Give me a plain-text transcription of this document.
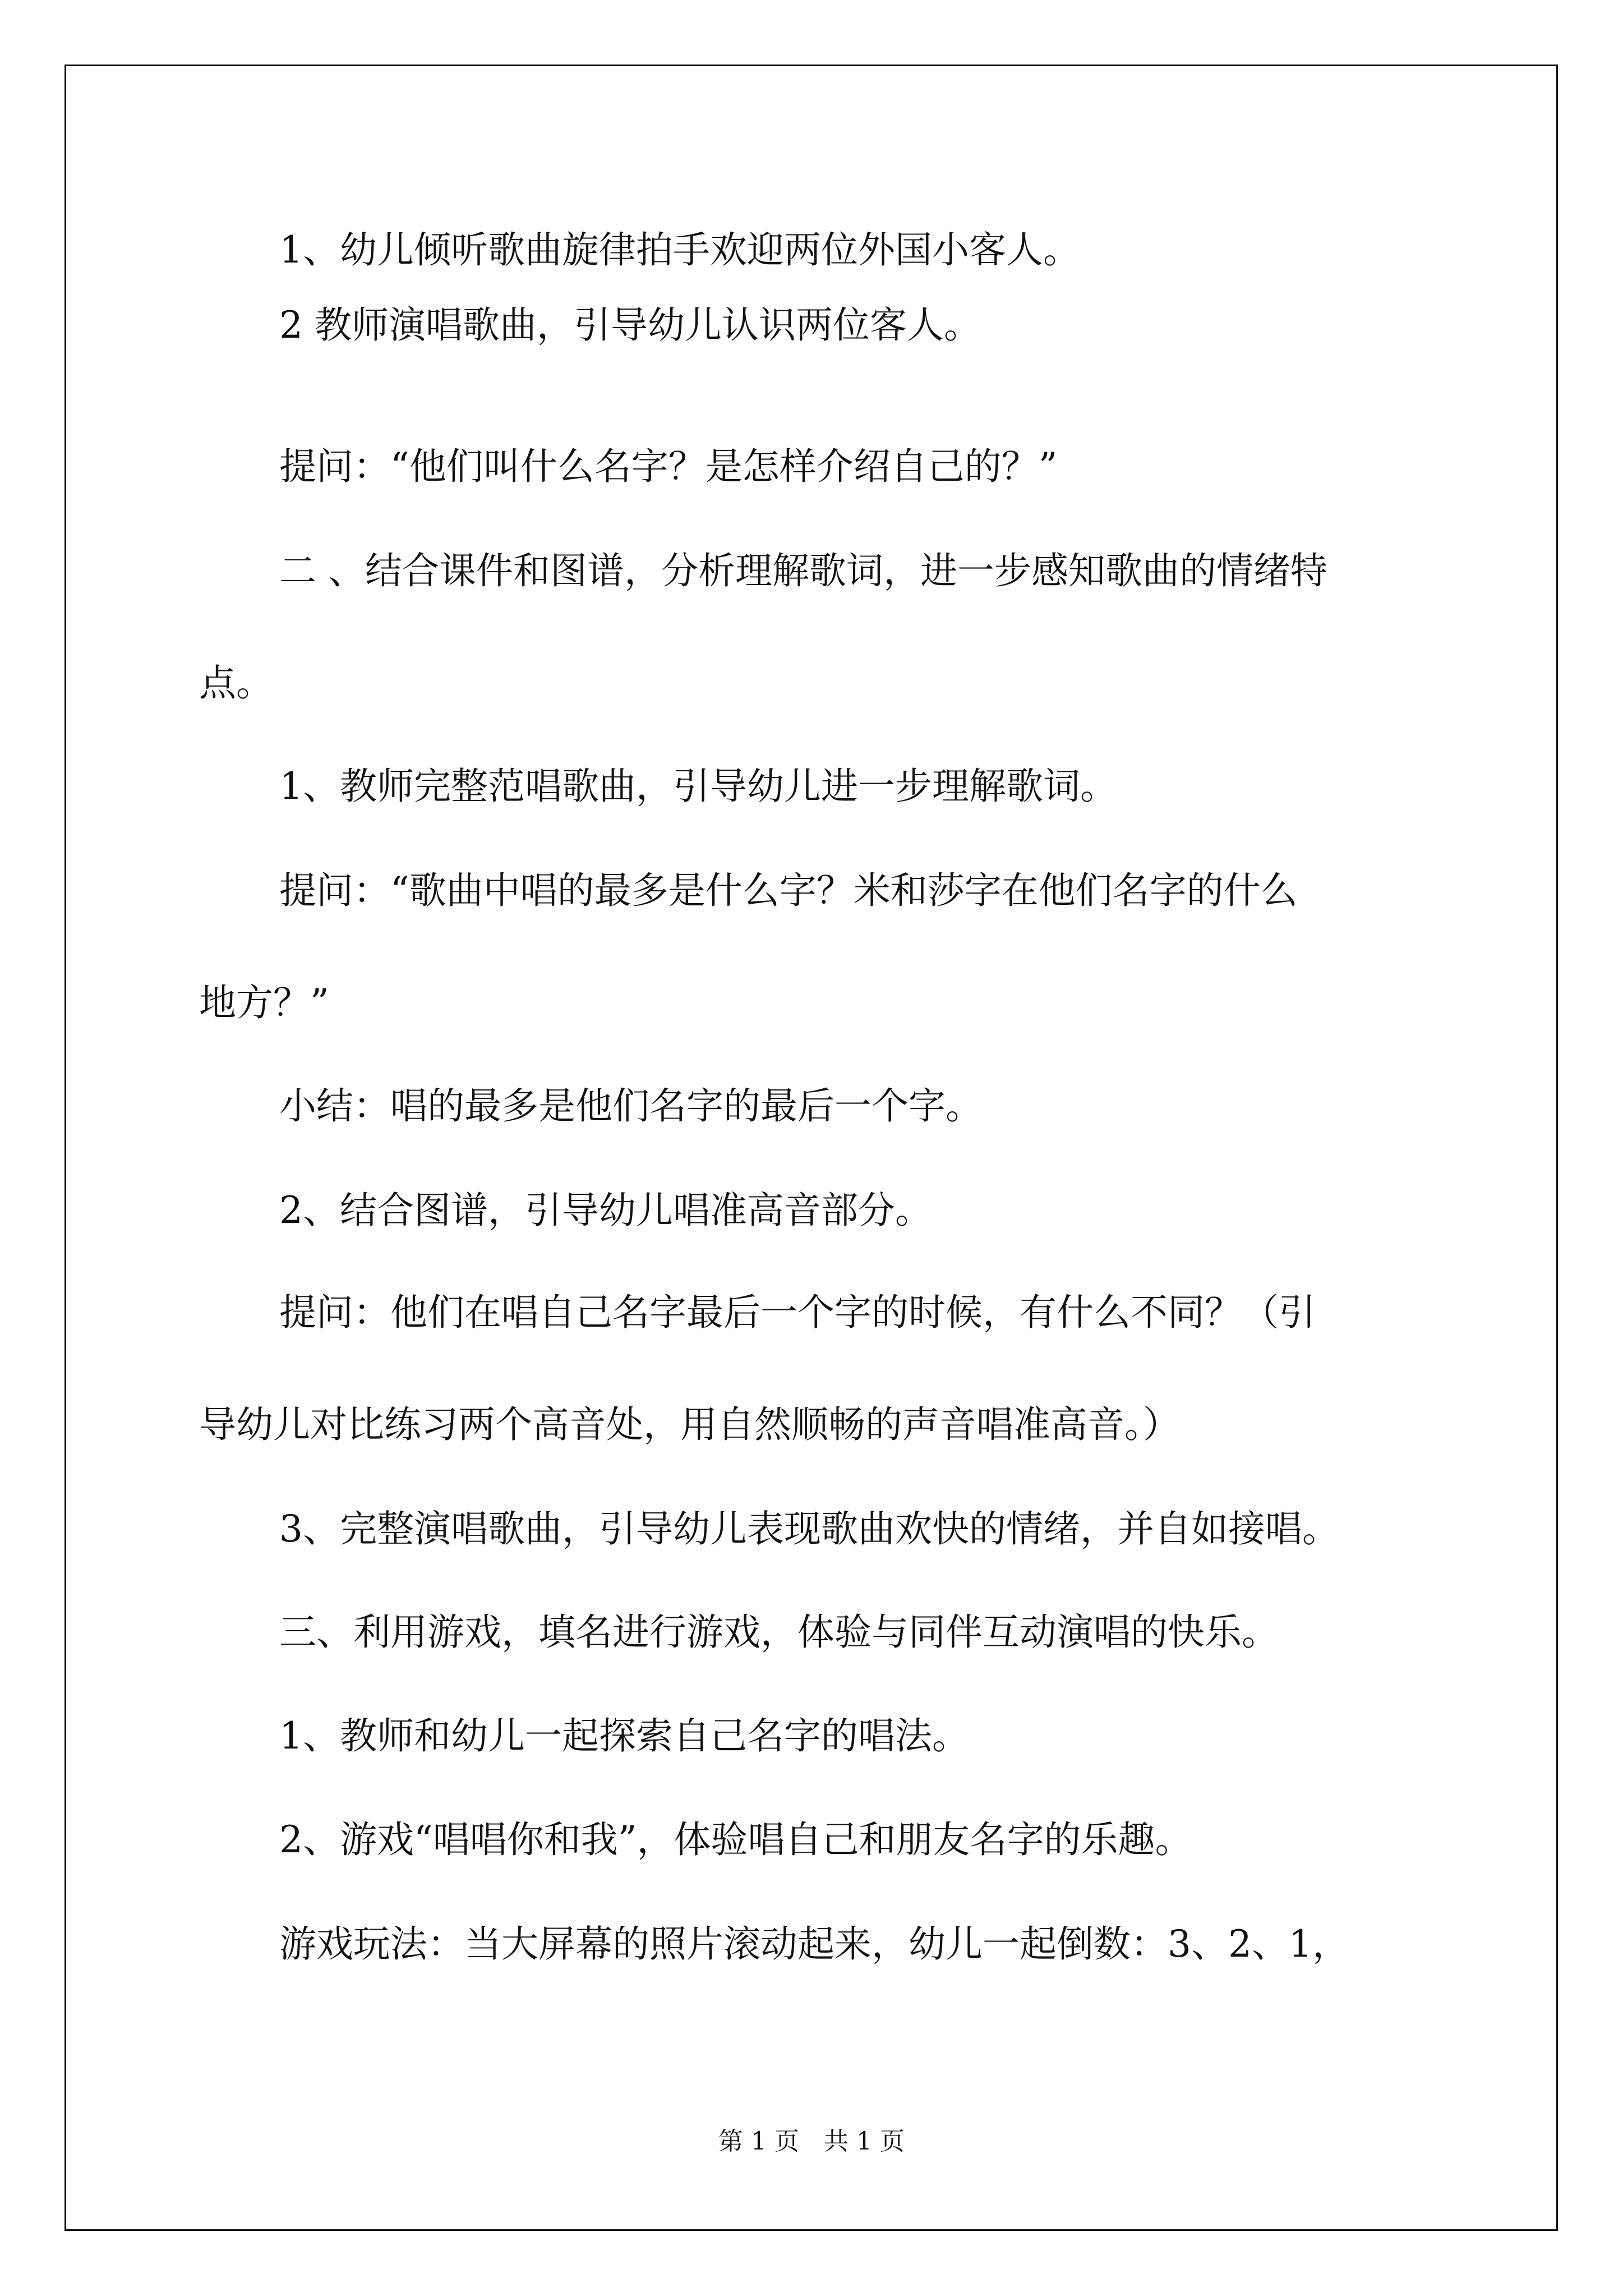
1、幼儿倾听歌曲旋律拍手欢迎两位外国小客人。

2 教师演唱歌曲，引导幼儿认识两位客人。

提问：“他们叫什么名字？是怎样介绍自己的？”

二 、结合课件和图谱，分析理解歌词，进一步感知歌曲的情绪特

点。

1、教师完整范唱歌曲，引导幼儿进一步理解歌词。

提问：“歌曲中唱的最多是什么字？米和莎字在他们名字的什么

地方？”

小结：唱的最多是他们名字的最后一个字。

2、结合图谱，引导幼儿唱准高音部分。

提问：他们在唱自己名字最后一个字的时候，有什么不同？（引

导幼儿对比练习两个高音处，用自然顺畅的声音唱准高音。）

3、完整演唱歌曲，引导幼儿表现歌曲欢快的情绪，并自如接唱。

三、利用游戏，填名进行游戏，体验与同伴互动演唱的快乐。

1、教师和幼儿一起探索自己名字的唱法。

2、游戏“唱唱你和我”，体验唱自己和朋友名字的乐趣。

游戏玩法：当大屏幕的照片滚动起来，幼儿一起倒数：3、2、1，

第 1 页　共 1 页
